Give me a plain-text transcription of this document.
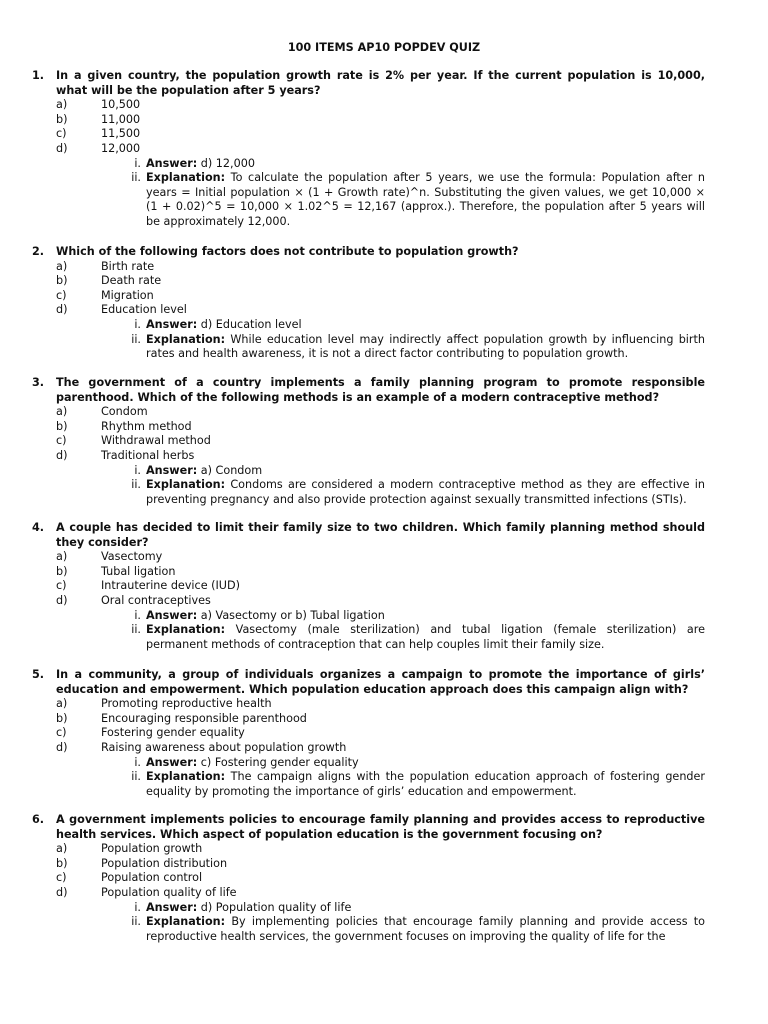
100 ITEMS AP10 POPDEV QUIZ
1. In a given country, the population growth rate is 2% per year. If the current population is 10,000, what will be the population after 5 years?
a)	10,500
b)	11,000
c)	11,500
d)	12,000
i. Answer: d) 12,000
ii. Explanation: To calculate the population after 5 years, we use the formula: Population after n years = Initial population × (1 + Growth rate)^n. Substituting the given values, we get 10,000 × (1 + 0.02)^5 = 10,000 × 1.02^5 = 12,167 (approx.). Therefore, the population after 5 years will be approximately 12,000.
2. Which of the following factors does not contribute to population growth?
a)	Birth rate
b)	Death rate
c)	Migration
d)	Education level
i. Answer: d) Education level
ii. Explanation: While education level may indirectly affect population growth by influencing birth rates and health awareness, it is not a direct factor contributing to population growth.
3. The government of a country implements a family planning program to promote responsible parenthood. Which of the following methods is an example of a modern contraceptive method?
a)	Condom
b)	Rhythm method
c)	Withdrawal method
d)	Traditional herbs
i. Answer: a) Condom
ii. Explanation: Condoms are considered a modern contraceptive method as they are effective in preventing pregnancy and also provide protection against sexually transmitted infections (STIs).
4. A couple has decided to limit their family size to two children. Which family planning method should they consider?
a)	Vasectomy
b)	Tubal ligation
c)	Intrauterine device (IUD)
d)	Oral contraceptives
i. Answer: a) Vasectomy or b) Tubal ligation
ii. Explanation: Vasectomy (male sterilization) and tubal ligation (female sterilization) are permanent methods of contraception that can help couples limit their family size.
5. In a community, a group of individuals organizes a campaign to promote the importance of girls’ education and empowerment. Which population education approach does this campaign align with?
a)	Promoting reproductive health
b)	Encouraging responsible parenthood
c)	Fostering gender equality
d)	Raising awareness about population growth
i. Answer: c) Fostering gender equality
ii. Explanation: The campaign aligns with the population education approach of fostering gender equality by promoting the importance of girls’ education and empowerment.
6. A government implements policies to encourage family planning and provides access to reproductive health services. Which aspect of population education is the government focusing on?
a)	Population growth
b)	Population distribution
c)	Population control
d)	Population quality of life
i. Answer: d) Population quality of life
ii. Explanation: By implementing policies that encourage family planning and provide access to reproductive health services, the government focuses on improving the quality of life for the
